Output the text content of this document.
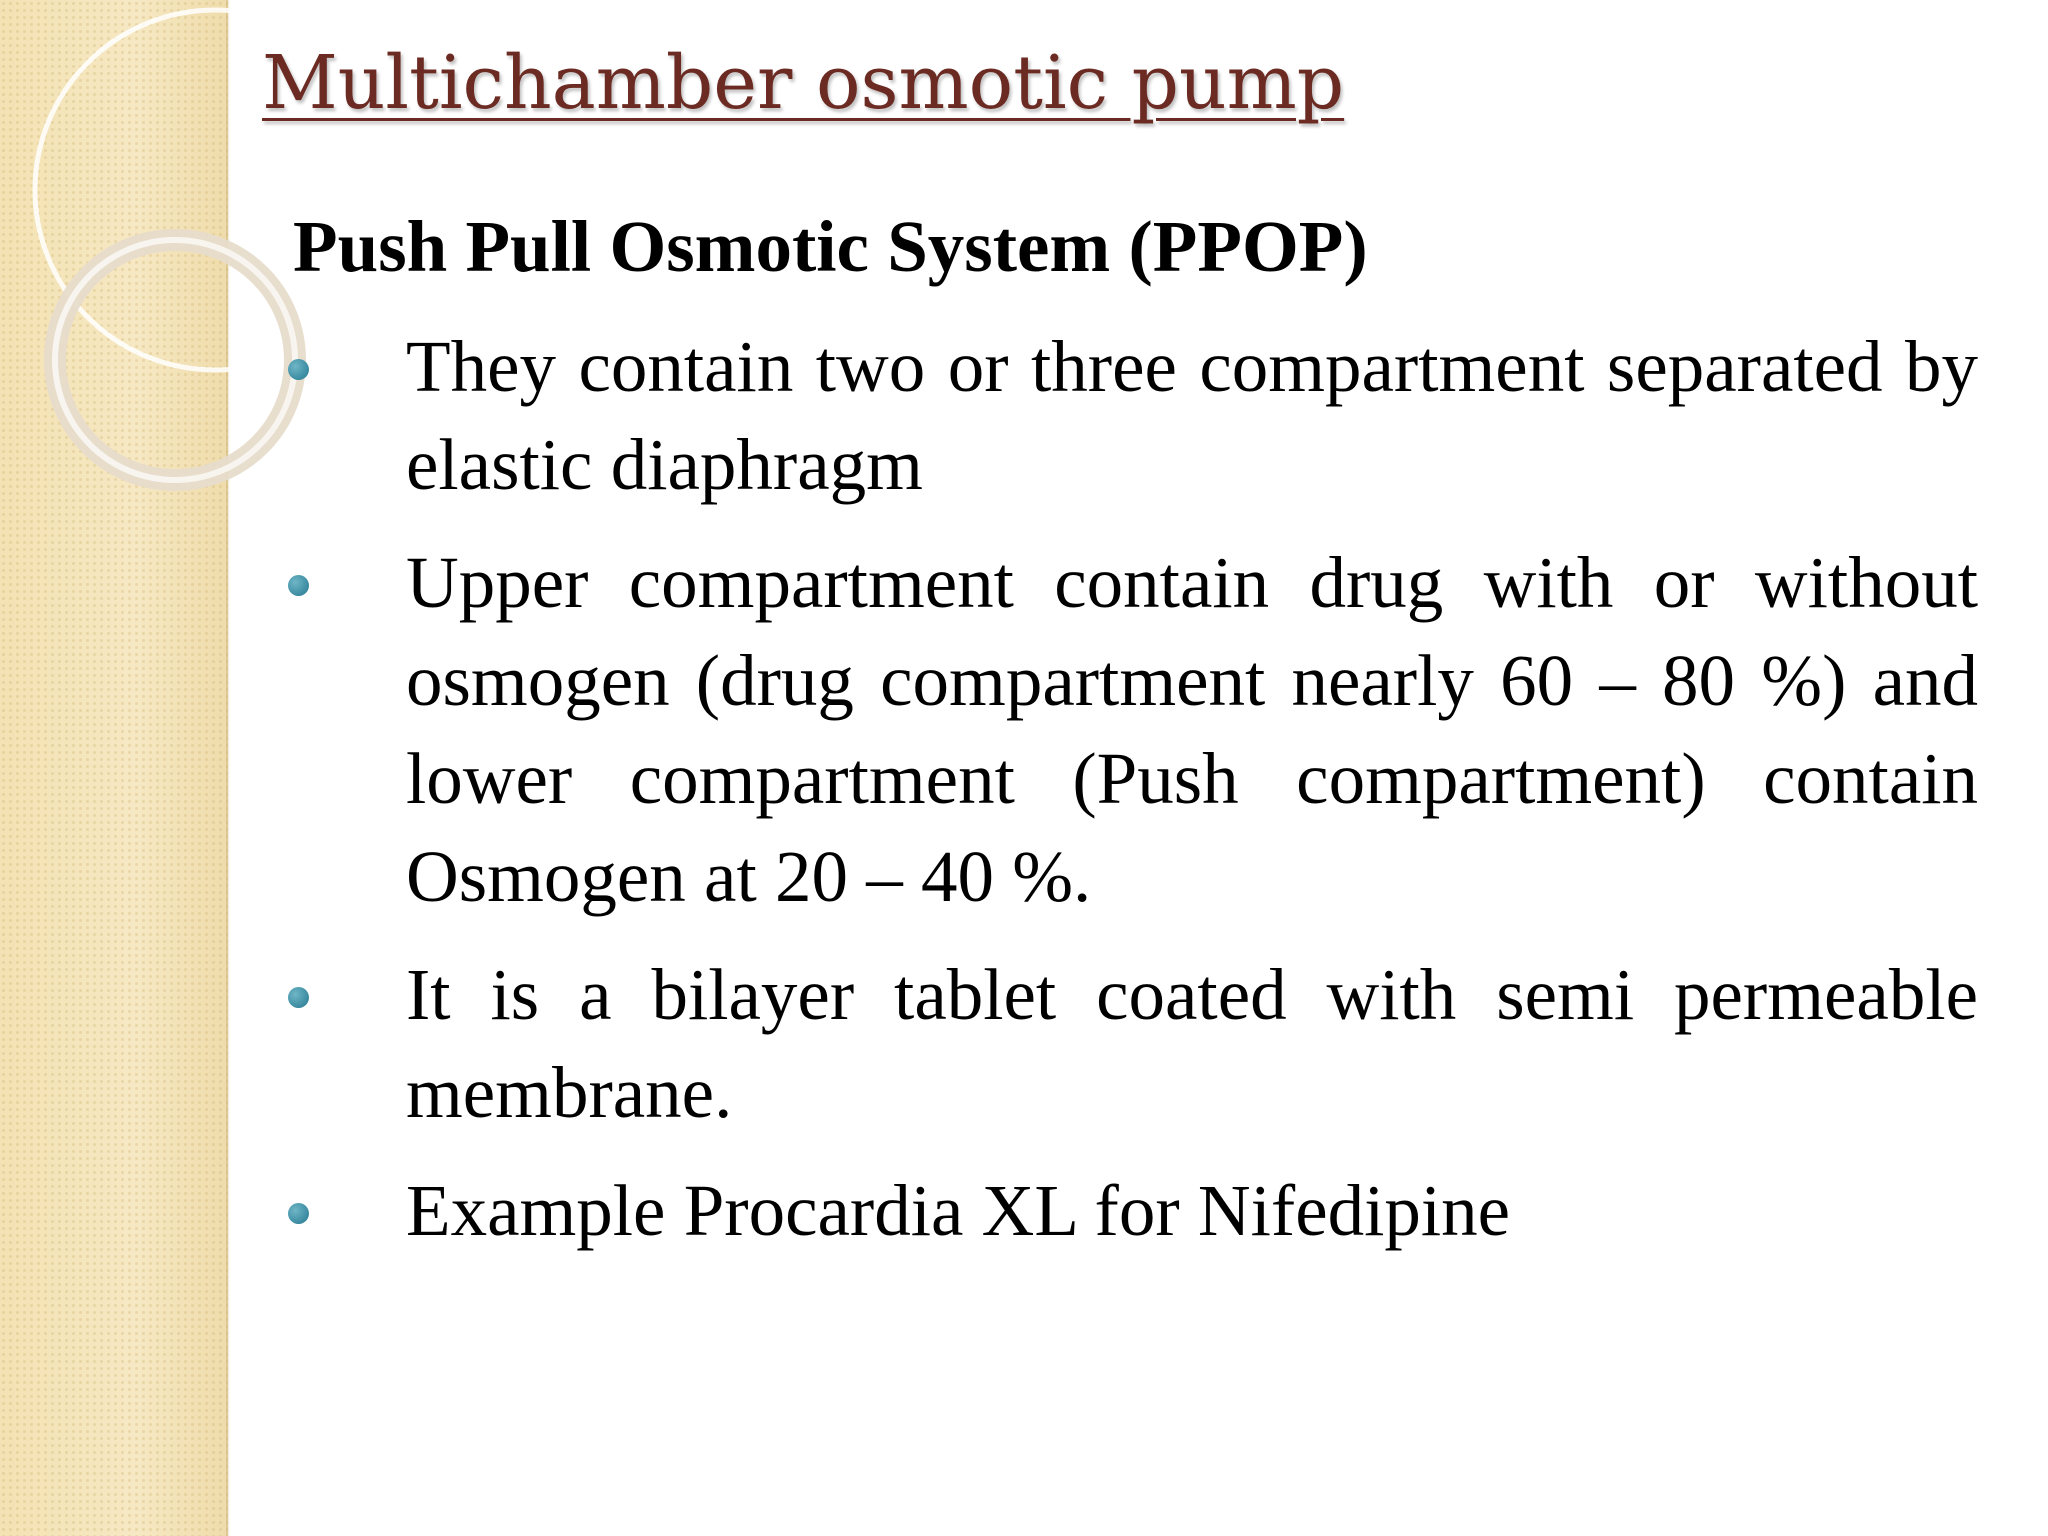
Multichamber osmotic pump
Push Pull Osmotic System (PPOP)
They contain two or three compartment separated by elastic diaphragm
Upper compartment contain drug with or without osmogen (drug compartment nearly 60 – 80 %) and lower compartment (Push compartment) contain Osmogen at 20 – 40 %.
It is a bilayer tablet coated with semi permeable membrane.
Example Procardia XL for Nifedipine
